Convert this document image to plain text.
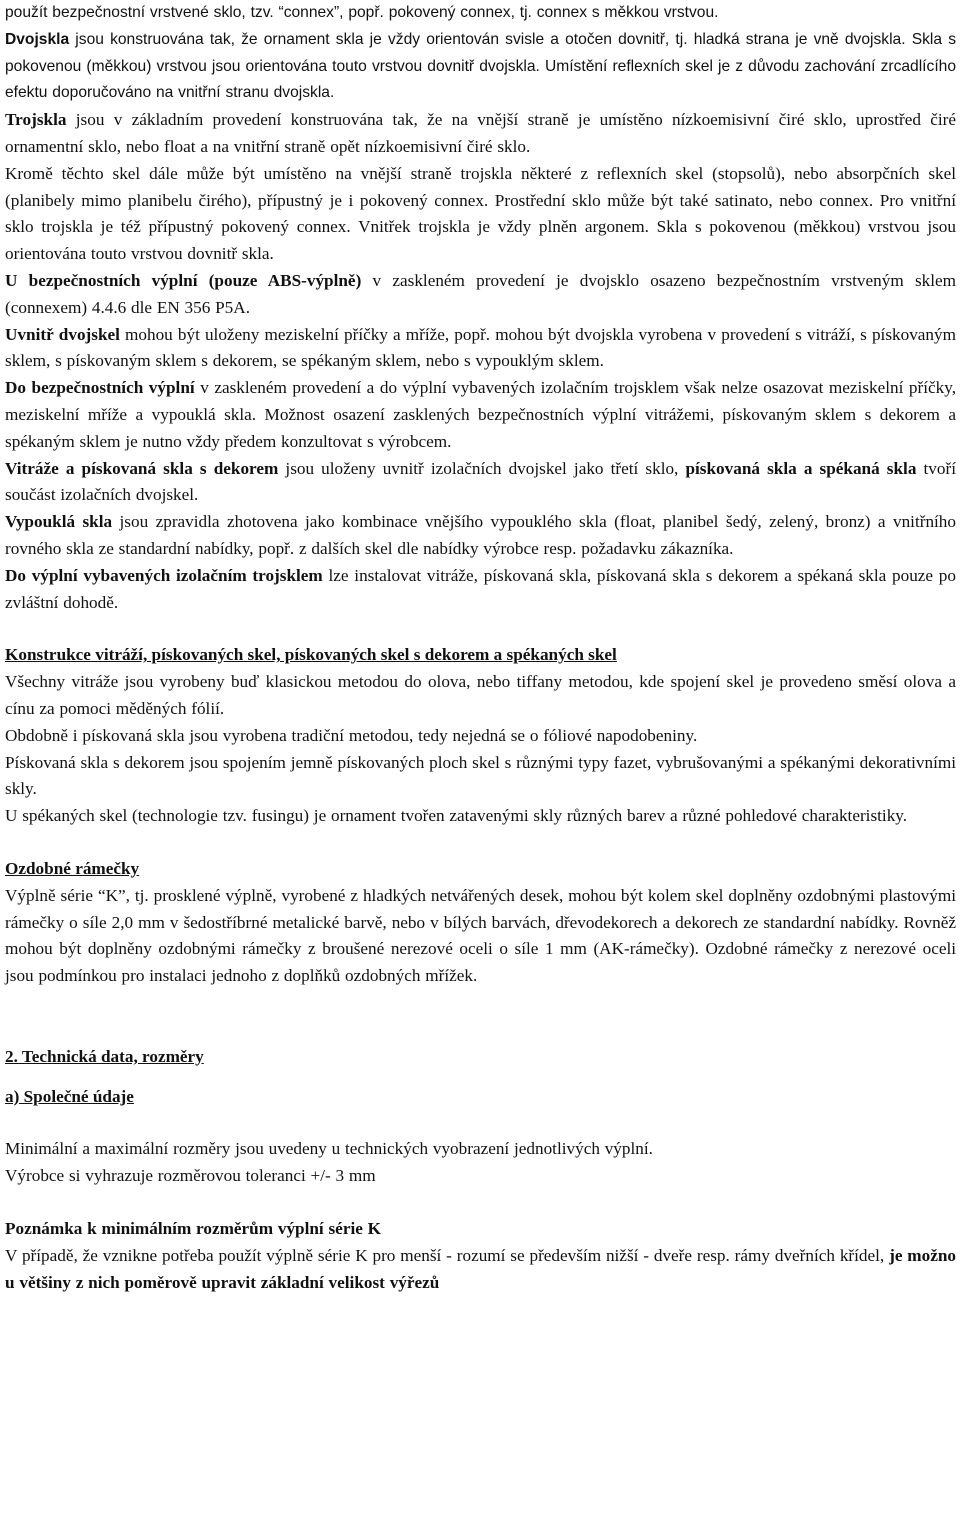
použít bezpečnostní vrstvené sklo, tzv. “connex”, popř. pokovený connex, tj. connex s měkkou vrstvou.
Dvojskla jsou konstruována tak, že ornament skla je vždy orientován svisle a otočen dovnitř, tj. hladká strana je vně dvojskla. Skla s pokovenou (měkkou) vrstvou jsou orientována touto vrstvou dovnitř dvojskla. Umístění reflexních skel je z důvodu zachování zrcadlícího efektu doporučováno na vnitřní stranu dvojskla.

Trojskla jsou v základním provedení konstruována tak, že na vnější straně je umístěno nízkoemisivní čiré sklo, uprostřed čiré ornamentní sklo, nebo float a na vnitřní straně opět nízkoemisivní čiré sklo.

Kromě těchto skel dále může být umístěno na vnější straně trojskla některé z reflexních skel (stopsolů), nebo absorpčních skel (planibely mimo planibelu čirého), přípustný je i pokovený connex. Prostřední sklo může být také satinato, nebo connex. Pro vnitřní sklo trojskla je též přípustný pokovený connex. Vnitřek trojskla je vždy plněn argonem. Skla s pokovenou (měkkou) vrstvou jsou orientována touto vrstvou dovnitř skla.

U bezpečnostních výplní (pouze ABS-výplně) v zaskleném provedení je dvojsklo osazeno bezpečnostním vrstveným sklem (connexem) 4.4.6 dle EN 356 P5A.

Uvnitř dvojskel mohou být uloženy meziskelní příčky a mříže, popř. mohou být dvojskla vyrobena v provedení s vitráží, s pískovaným sklem, s pískovaným sklem s dekorem, se spékaným sklem, nebo s vypouklým sklem.

Do bezpečnostních výplní v zaskleném provedení a do výplní vybavených izolačním trojsklem však nelze osazovat meziskelní příčky, meziskelní mříže a vypouklá skla. Možnost osazení zasklených bezpečnostních výplní vitrážemi, pískovaným sklem s dekorem a spékaným sklem je nutno vždy předem konzultovat s výrobcem.

Vitráže a pískovaná skla s dekorem jsou uloženy uvnitř izolačních dvojskel jako třetí sklo, pískovaná skla a spékaná skla tvoří součást izolačních dvojskel.

Vypouklá skla jsou zpravidla zhotovena jako kombinace vnějšího vypouklého skla (float, planibel šedý, zelený, bronz) a vnitřního rovného skla ze standardní nabídky, popř. z dalších skel dle nabídky výrobce resp. požadavku zákazníka.

Do výplní vybavených izolačním trojsklem lze instalovat vitráže, pískovaná skla, pískovaná skla s dekorem a spékaná skla pouze po zvláštní dohodě.

Konstrukce vitráží, pískovaných skel, pískovaných skel s dekorem a spékaných skel

Všechny vitráže jsou vyrobeny buď klasickou metodou do olova, nebo tiffany metodou, kde spojení skel je provedeno směsí olova a cínu za pomoci měděných fólií.

Obdobně i pískovaná skla jsou vyrobena tradiční metodou, tedy nejedná se o fóliové napodobeniny.

Pískovaná skla s dekorem jsou spojením jemně pískovaných ploch skel s různými typy fazet, vybrušovanými a spékanými dekorativními skly.

U spékaných skel (technologie tzv. fusingu) je ornament tvořen zatavenými skly různých barev a různé pohledové charakteristiky.

Ozdobné rámečky

Výplně série “K”, tj. prosklené výplně, vyrobené z hladkých netvářených desek, mohou být kolem skel doplněny ozdobnými plastovými rámečky o síle 2,0 mm v šedostříbrné metalické barvě, nebo v bílých barvách, dřevodekorech a dekorech ze standardní nabídky. Rovněž mohou být doplněny ozdobnými rámečky z broušené nerezové oceli o síle 1 mm (AK-rámečky). Ozdobné rámečky z nerezové oceli jsou podmínkou pro instalaci jednoho z doplňků ozdobných mřížek.

2. Technická data, rozměry

a) Společné údaje

Minimální a maximální rozměry jsou uvedeny u technických vyobrazení jednotlivých výplní.

Výrobce si vyhrazuje rozměrovou toleranci +/- 3 mm

Poznámka k minimálním rozměrům výplní série K

V případě, že vznikne potřeba použít výplně série K pro menší - rozumí se především nižší - dveře resp. rámy dveřních křídel, je možno u většiny z nich poměrově upravit základní velikost výřezů
